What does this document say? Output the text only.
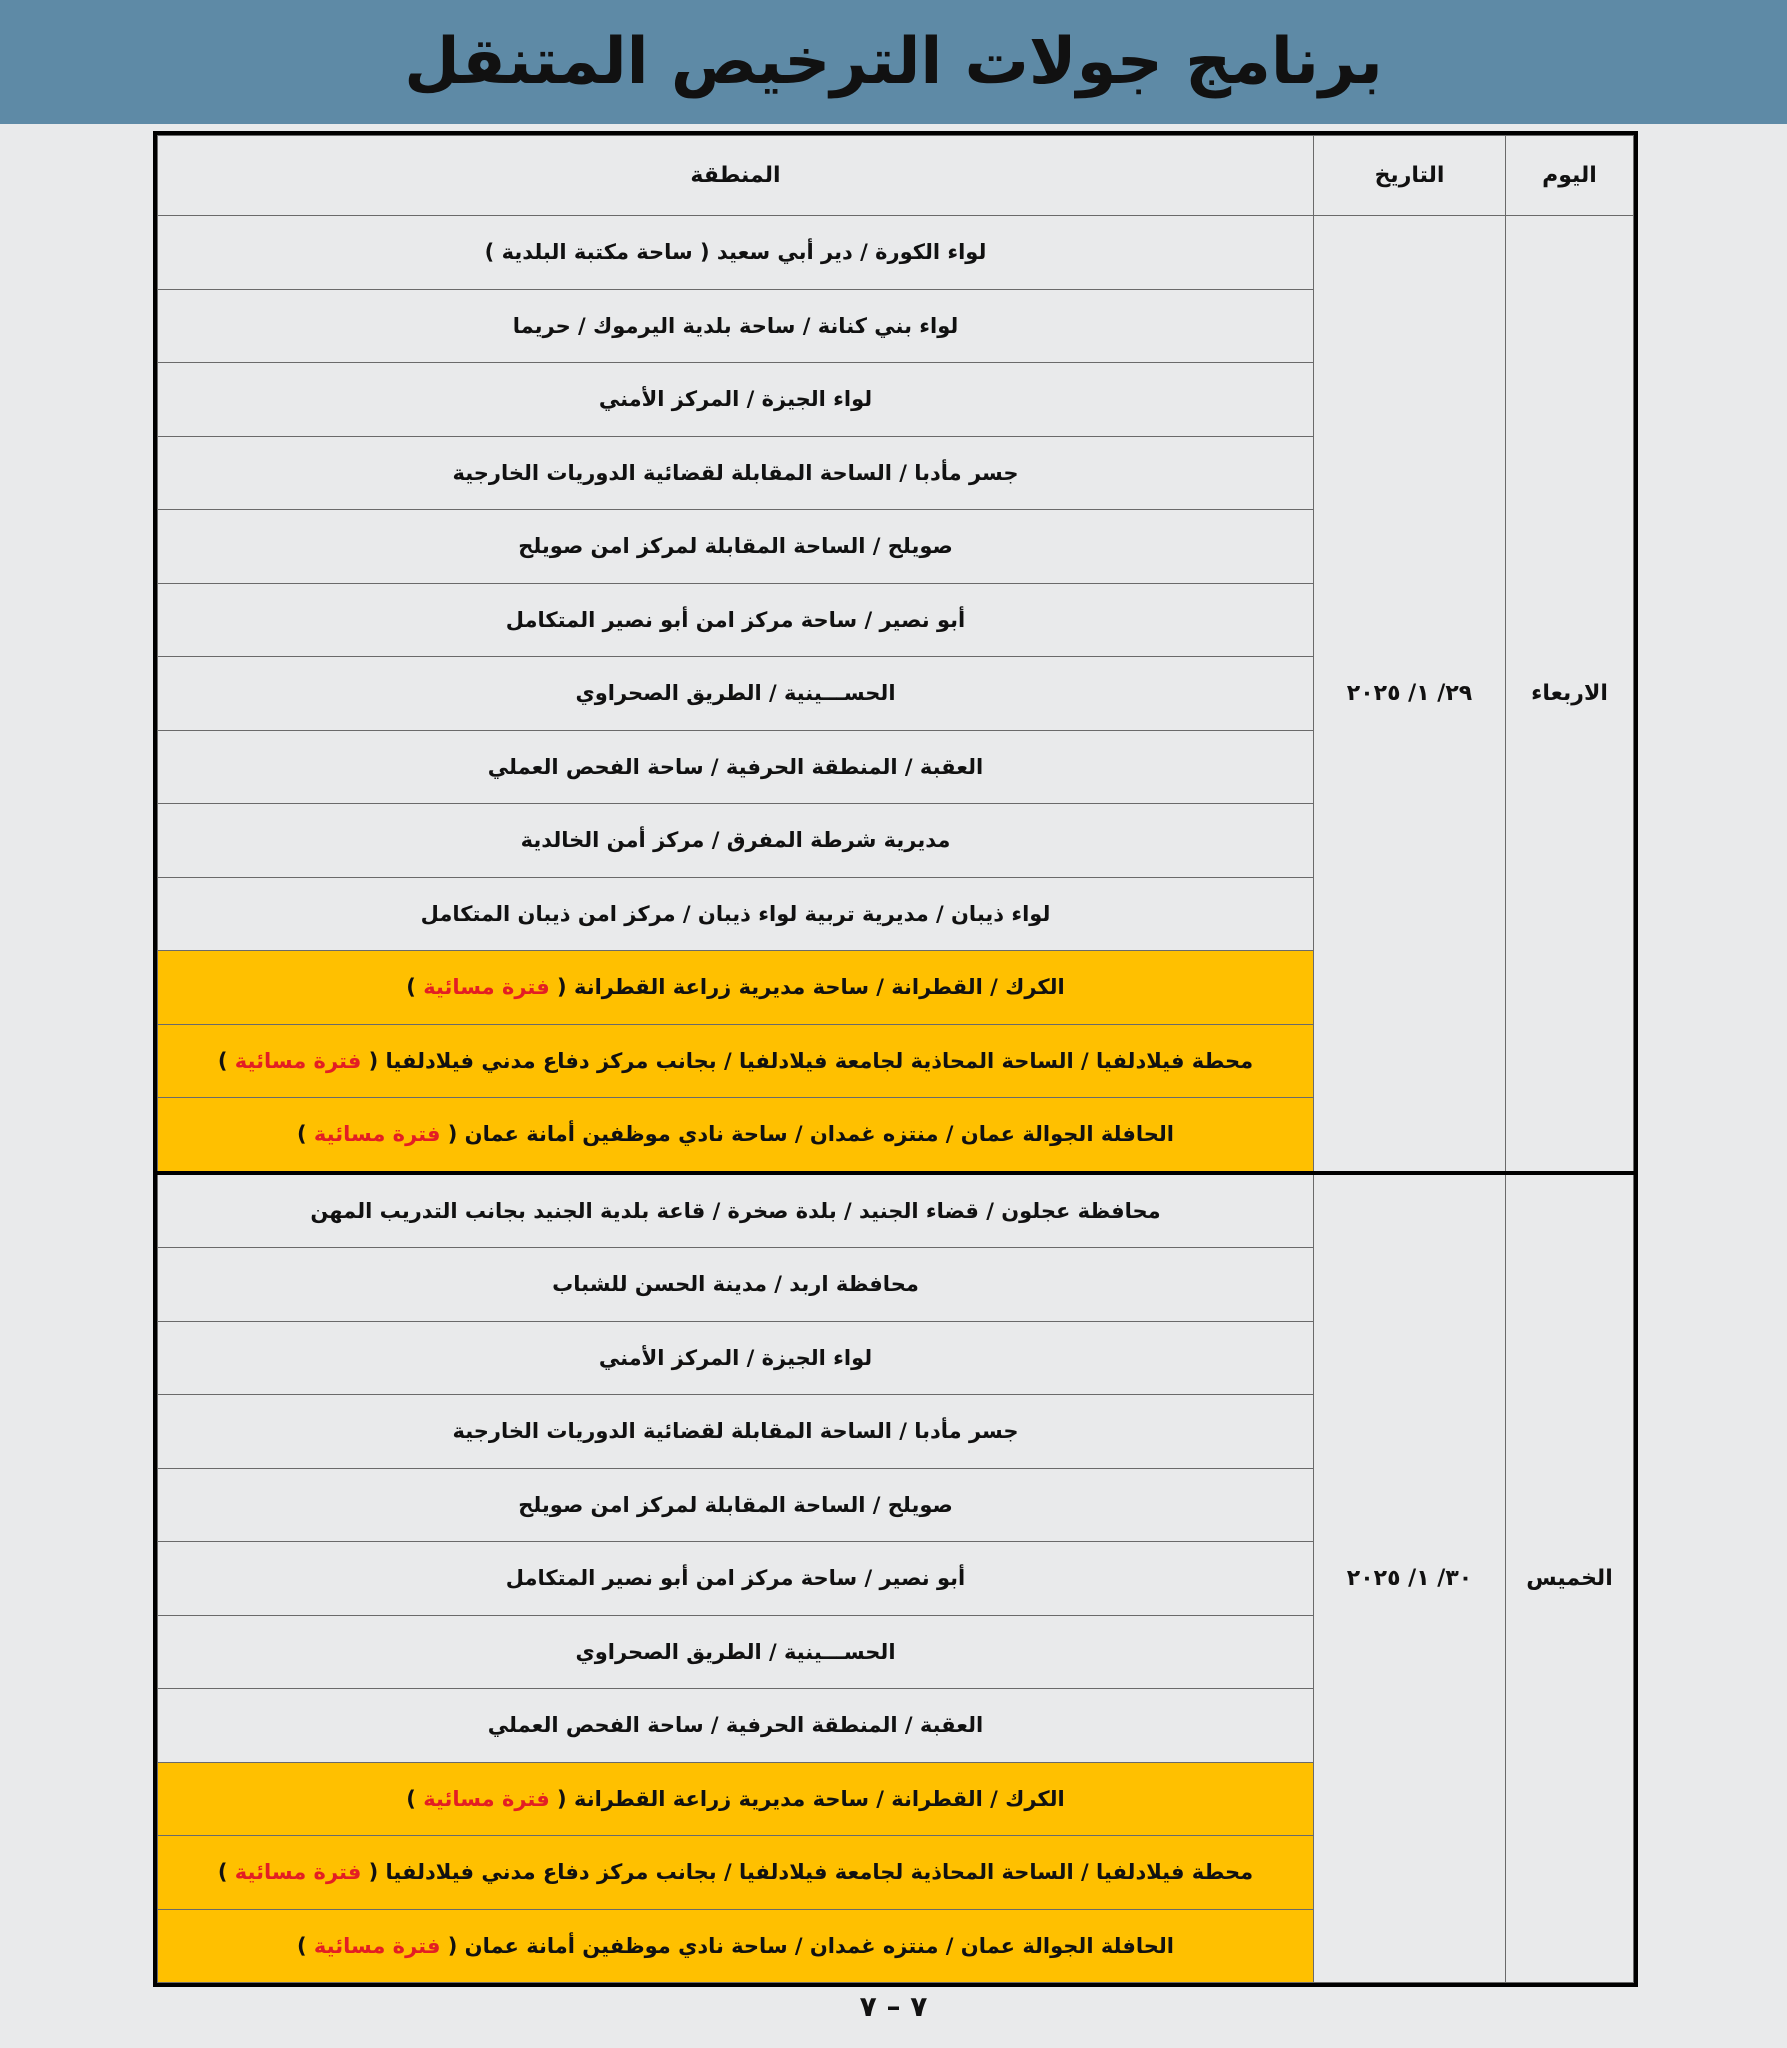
برنامج جولات الترخيص المتنقل
اليوم	التاريخ	المنطقة
الاربعاء	٢٩/ ١/ ٢٠٢٥	لواء الكورة / دير أبي سعيد ( ساحة مكتبة البلدية )
		لواء بني كنانة / ساحة بلدية اليرموك / حريما
		لواء الجيزة / المركز الأمني
		جسر مأدبا / الساحة المقابلة لقضائية الدوريات الخارجية
		صويلح / الساحة المقابلة لمركز امن صويلح
		أبو نصير / ساحة مركز امن أبو نصير المتكامل
		الحســـينية / الطريق الصحراوي
		العقبة / المنطقة الحرفية / ساحة الفحص العملي
		مديرية شرطة المفرق / مركز أمن الخالدية
		لواء ذيبان / مديرية تربية لواء ذيبان / مركز امن ذيبان المتكامل
		الكرك / القطرانة / ساحة مديرية زراعة القطرانة ( فترة مسائية )
		محطة فيلادلفيا / الساحة المحاذية لجامعة فيلادلفيا / بجانب مركز دفاع مدني فيلادلفيا ( فترة مسائية )
		الحافلة الجوالة عمان / منتزه غمدان / ساحة نادي موظفين أمانة عمان ( فترة مسائية )
الخميس	٣٠/ ١/ ٢٠٢٥	محافظة عجلون / قضاء الجنيد / بلدة صخرة / قاعة بلدية الجنيد بجانب التدريب المهن
		محافظة اربد / مدينة الحسن للشباب
		لواء الجيزة / المركز الأمني
		جسر مأدبا / الساحة المقابلة لقضائية الدوريات الخارجية
		صويلح / الساحة المقابلة لمركز امن صويلح
		أبو نصير / ساحة مركز امن أبو نصير المتكامل
		الحســـينية / الطريق الصحراوي
		العقبة / المنطقة الحرفية / ساحة الفحص العملي
		الكرك / القطرانة / ساحة مديرية زراعة القطرانة ( فترة مسائية )
		محطة فيلادلفيا / الساحة المحاذية لجامعة فيلادلفيا / بجانب مركز دفاع مدني فيلادلفيا ( فترة مسائية )
		الحافلة الجوالة عمان / منتزه غمدان / ساحة نادي موظفين أمانة عمان ( فترة مسائية )
٧ – ٧
